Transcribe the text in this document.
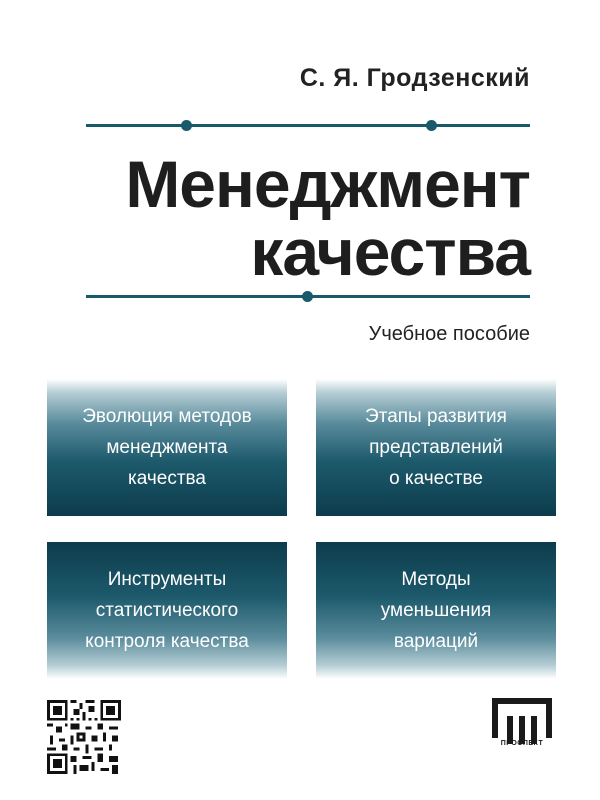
С. Я. Гродзенский
Менеджмент
качества

Учебное пособие

Эволюция методов
менеджмента
качества
Этапы развития
представлений
о качестве
Инструменты
статистического
контроля качества
Методы
уменьшения
вариаций

ПРОСПЕКТ
